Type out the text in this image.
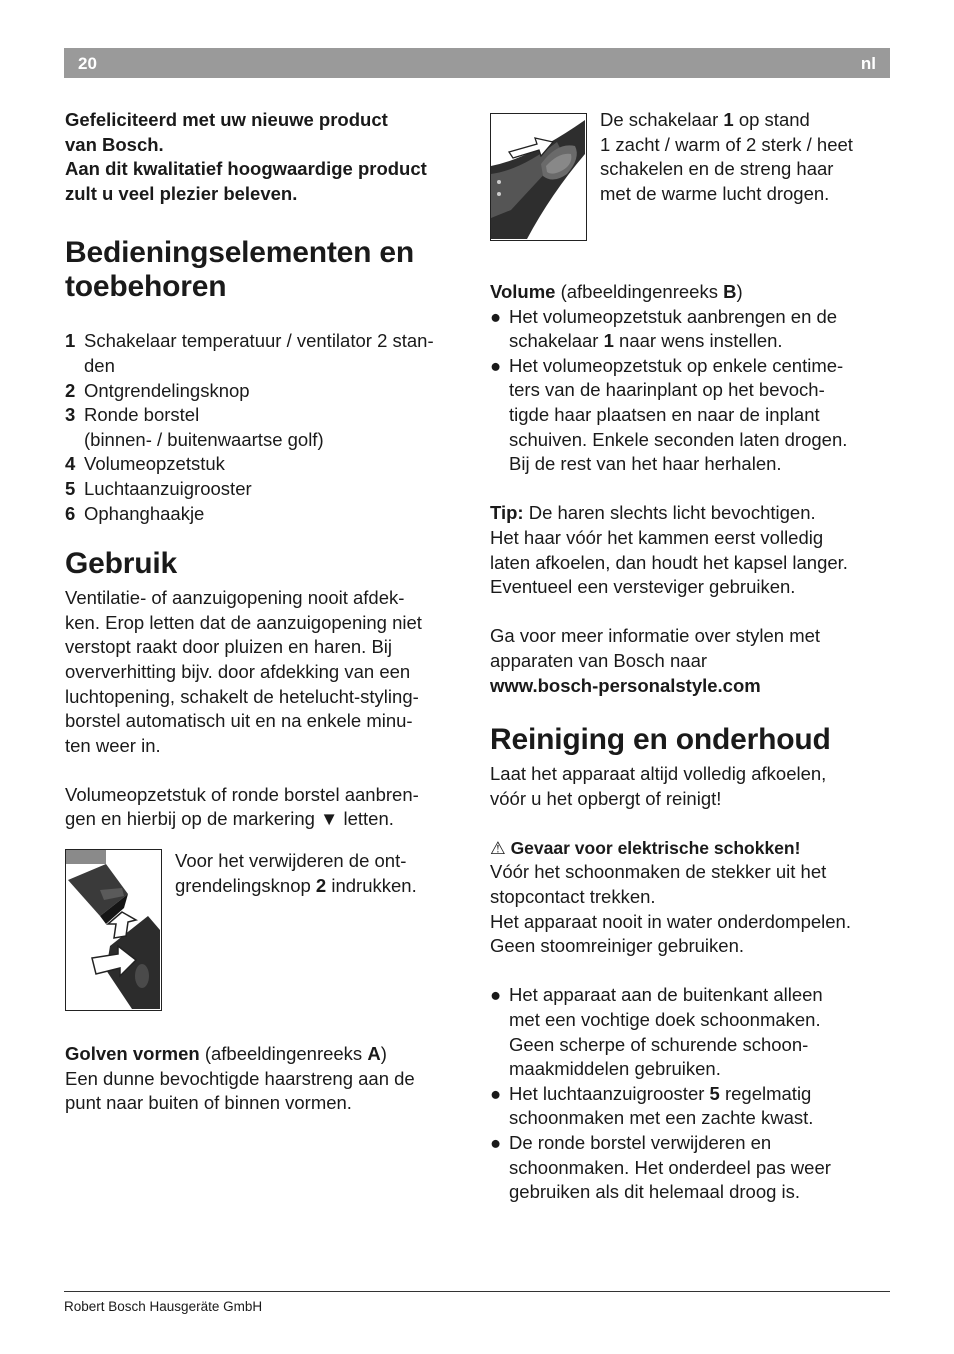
20	nl

Gefeliciteerd met uw nieuwe product

van Bosch.

Aan dit kwalitatief hoogwaardige product

zult u veel plezier beleven.

Bedieningselementen en
toebehoren
1 Schakelaar temperatuur / ventilator 2 stan-
den
2 Ontgrendelingsknop
3 Ronde borstel
(binnen- / buitenwaartse golf)
4 Volumeopzetstuk
5 Luchtaanzuigrooster
6 Ophanghaakje
Gebruik

Ventilatie- of aanzuigopening nooit afdek-

ken. Erop letten dat de aanzuigopening niet

verstopt raakt door pluizen en haren. Bij

oververhitting bijv. door afdekking van een

luchtopening, schakelt de hetelucht-styling-

borstel automatisch uit en na enkele minu-

ten weer in.

Volumeopzetstuk of ronde borstel aanbren-

gen en hierbij op de markering ▼ letten.

Voor het verwijderen de ont-

grendelingsknop 2 indrukken.

Golven vormen (afbeeldingenreeks A)

Een dunne bevochtigde haarstreng aan de

punt naar buiten of binnen vormen.

De schakelaar 1 op stand

1 zacht / warm of 2 sterk / heet

schakelen en de streng haar

met de warme lucht drogen.

Volume (afbeeldingenreeks B)

● Het volumeopzetstuk aanbrengen en de
schakelaar 1 naar wens instellen.
● Het volumeopzetstuk op enkele centime-
ters van de haarinplant op het bevoch-
tigde haar plaatsen en naar de inplant
schuiven. Enkele seconden laten drogen.
Bij de rest van het haar herhalen.

Tip: De haren slechts licht bevochtigen.

Het haar vóór het kammen eerst volledig

laten afkoelen, dan houdt het kapsel langer.

Eventueel een versteviger gebruiken.

Ga voor meer informatie over stylen met

apparaten van Bosch naar

www.bosch-personalstyle.com

Reiniging en onderhoud

Laat het apparaat altijd volledig afkoelen,

vóór u het opbergt of reinigt!

⚠ Gevaar voor elektrische schokken!

Vóór het schoonmaken de stekker uit het

stopcontact trekken.

Het apparaat nooit in water onderdompelen.

Geen stoomreiniger gebruiken.

● Het apparaat aan de buitenkant alleen
met een vochtige doek schoonmaken.
Geen scherpe of schurende schoon-
maakmiddelen gebruiken.
● Het luchtaanzuigrooster 5 regelmatig
schoonmaken met een zachte kwast.
● De ronde borstel verwijderen en
schoonmaken. Het onderdeel pas weer
gebruiken als dit helemaal droog is.
Robert Bosch Hausgeräte GmbH
